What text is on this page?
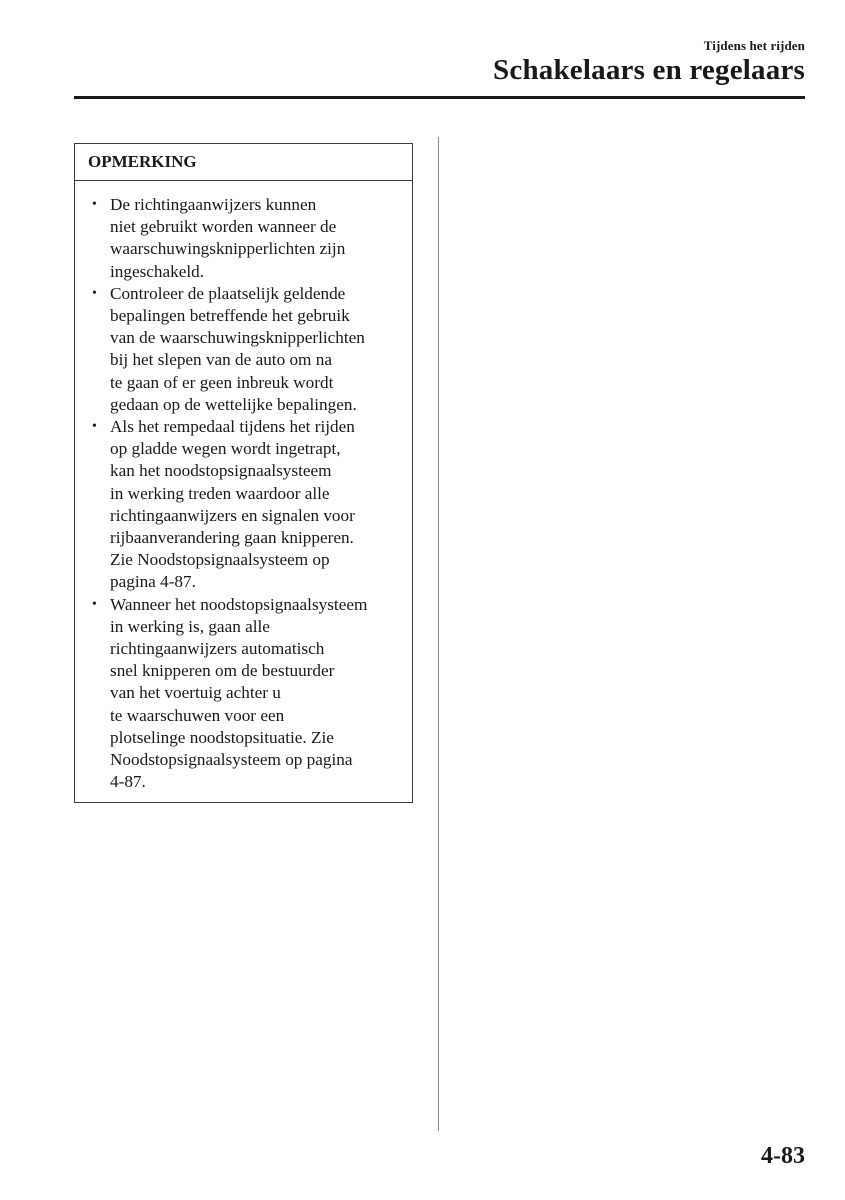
Tijdens het rijden
Schakelaars en regelaars
OPMERKING
• De richtingaanwijzers kunnen
niet gebruikt worden wanneer de
waarschuwingsknipperlichten zijn
ingeschakeld.
• Controleer de plaatselijk geldende
bepalingen betreffende het gebruik
van de waarschuwingsknipperlichten
bij het slepen van de auto om na
te gaan of er geen inbreuk wordt
gedaan op de wettelijke bepalingen.
• Als het rempedaal tijdens het rijden
op gladde wegen wordt ingetrapt,
kan het noodstopsignaalsysteem
in werking treden waardoor alle
richtingaanwijzers en signalen voor
rijbaanverandering gaan knipperen.
Zie Noodstopsignaalsysteem op
pagina 4-87.
• Wanneer het noodstopsignaalsysteem
in werking is, gaan alle
richtingaanwijzers automatisch
snel knipperen om de bestuurder
van het voertuig achter u
te waarschuwen voor een
plotselinge noodstopsituatie. Zie
Noodstopsignaalsysteem op pagina
4-87.
4-83
